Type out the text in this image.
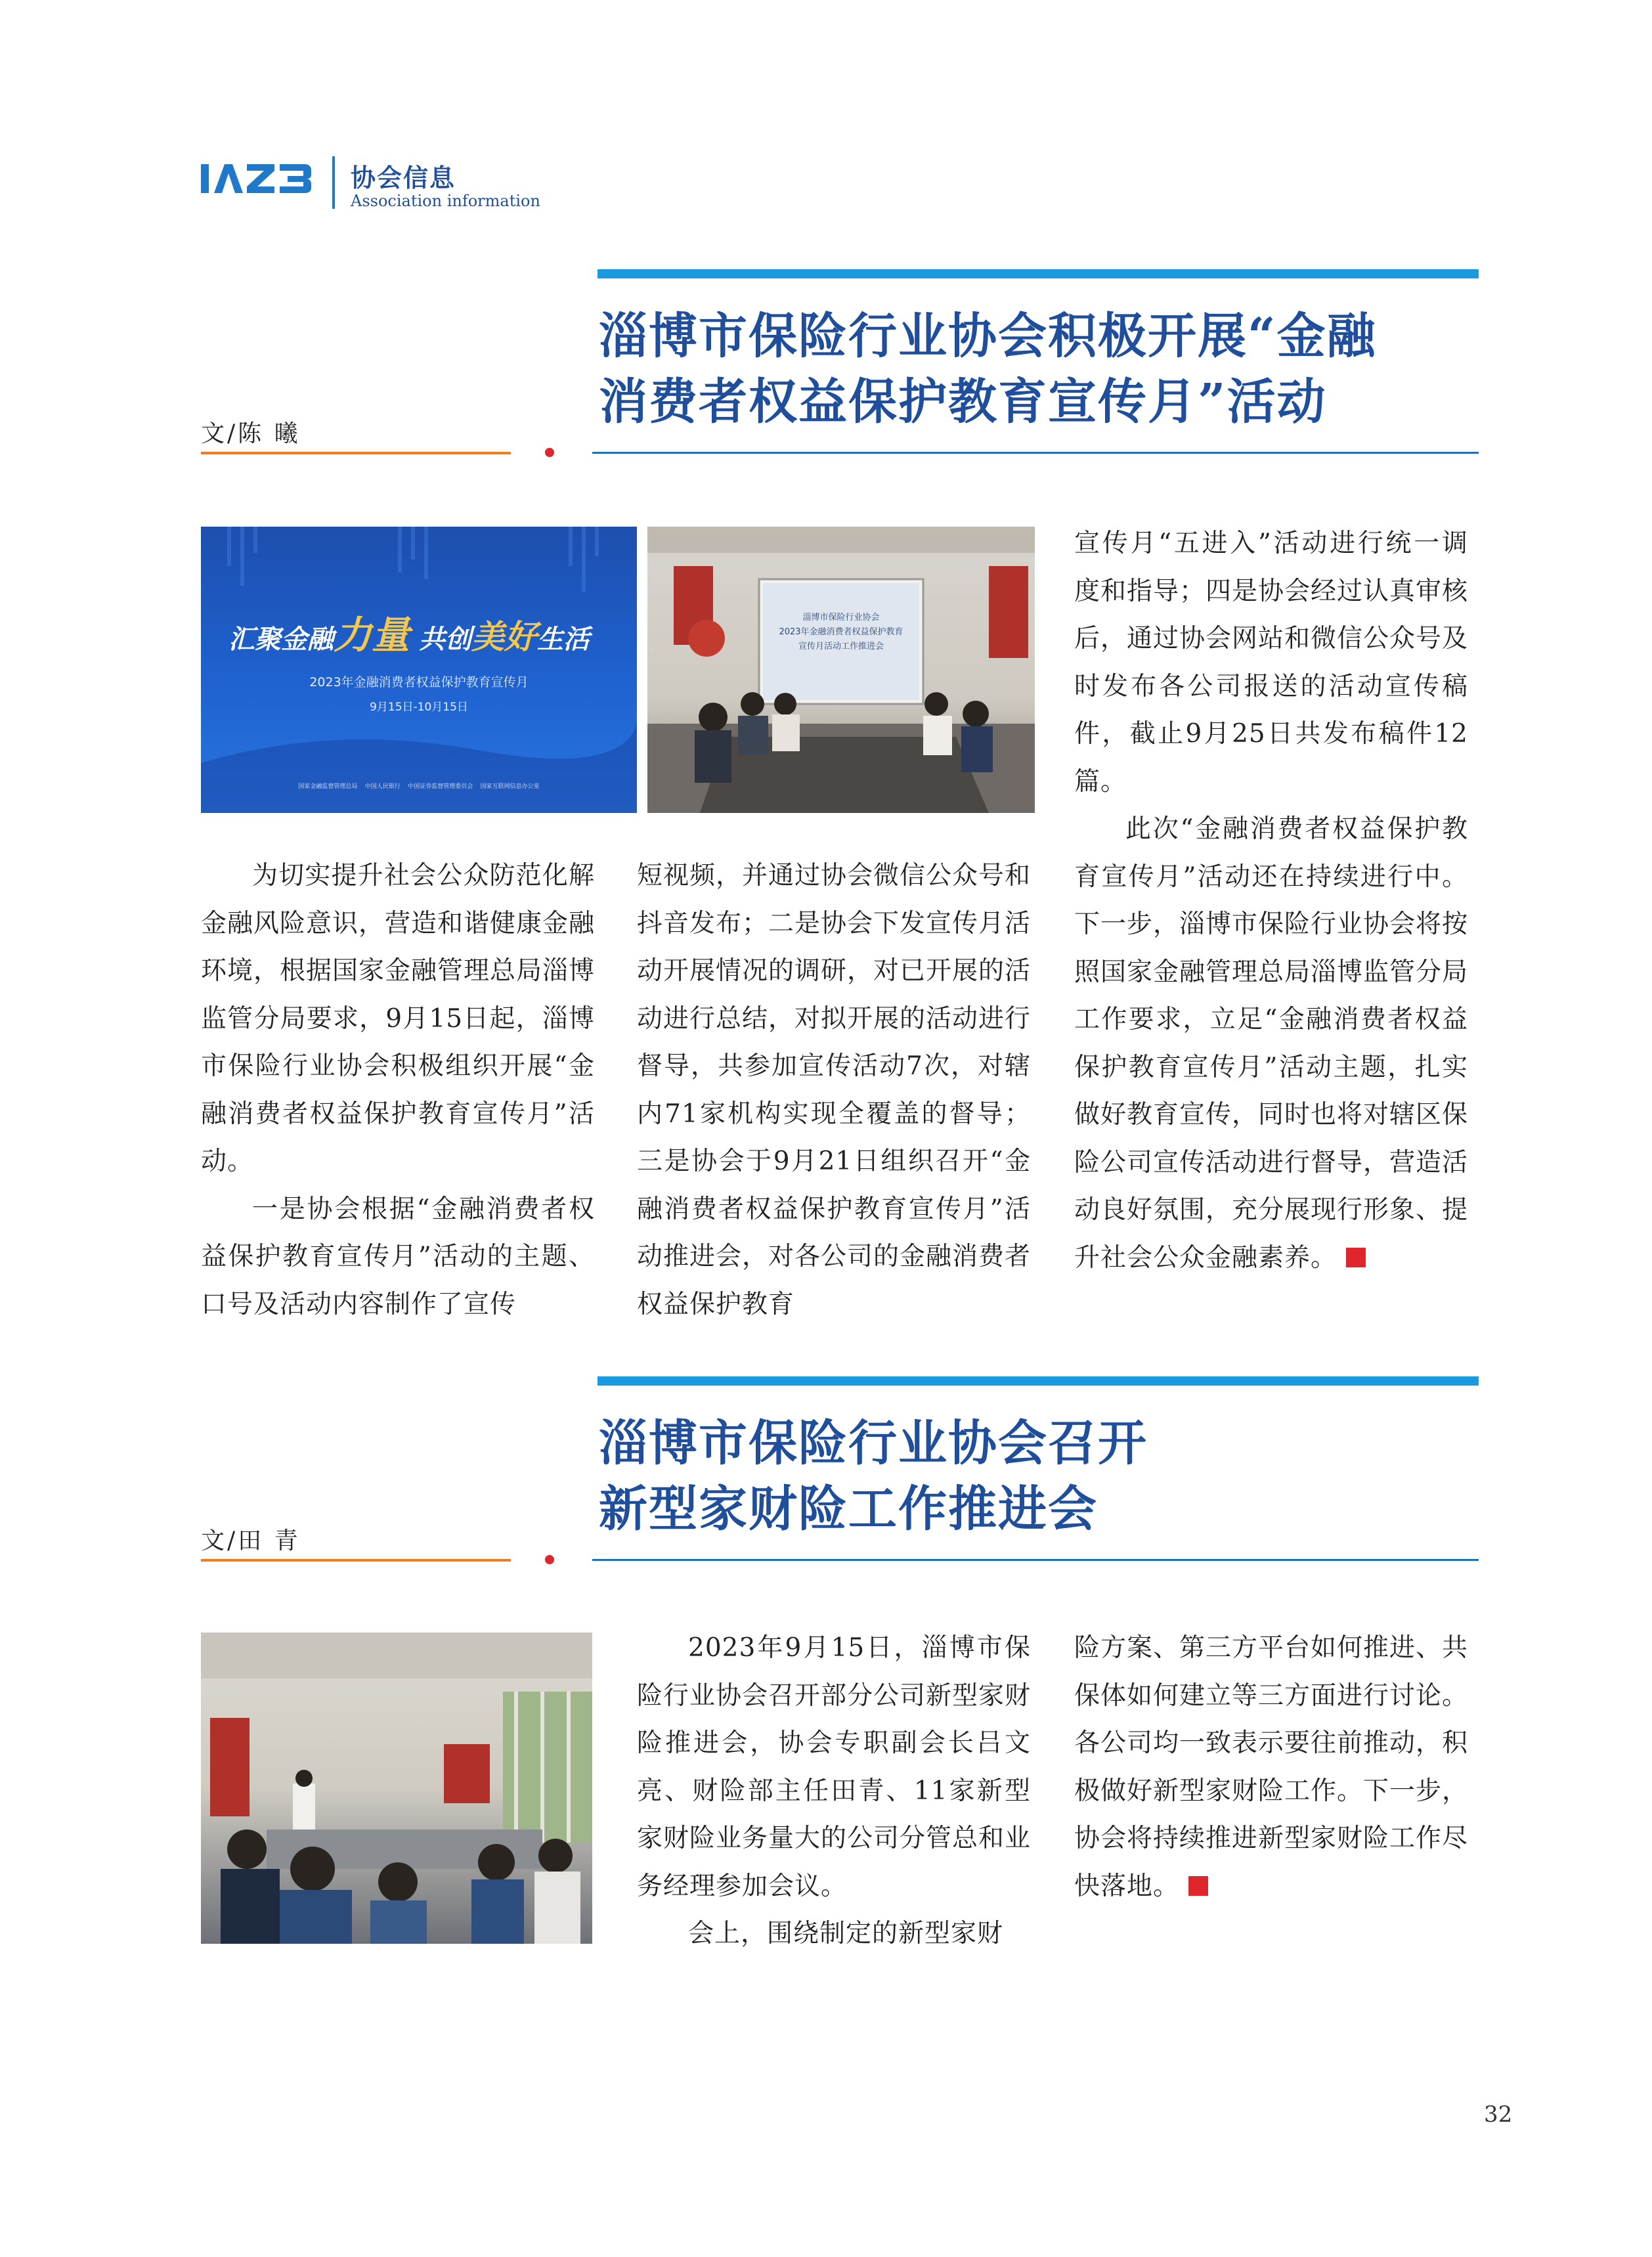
协会信息
Association information
淄博市保险行业协会积极开展“金融
消费者权益保护教育宣传月”活动
文/陈 曦
汇聚金融力量 共创美好生活
2023年金融消费者权益保护教育宣传月
9月15日-10月15日
国家金融监督管理总局    中国人民银行    中国证券监督管理委员会    国家互联网信息办公室
淄博市保险行业协会
2023年金融消费者权益保护教育
宣传月活动工作推进会

为切实提升社会公众防范化解金融风险意识，营造和谐健康金融环境，根据国家金融管理总局淄博监管分局要求，9月15日起，淄博市保险行业协会积极组织开展“金融消费者权益保护教育宣传月”活动。

一是协会根据“金融消费者权益保护教育宣传月”活动的主题、口号及活动内容制作了宣传

短视频，并通过协会微信公众号和抖音发布；二是协会下发宣传月活动开展情况的调研，对已开展的活动进行总结，对拟开展的活动进行督导，共参加宣传活动7次，对辖内71家机构实现全覆盖的督导；三是协会于9月21日组织召开“金融消费者权益保护教育宣传月”活动推进会，对各公司的金融消费者权益保护教育

宣传月“五进入”活动进行统一调度和指导；四是协会经过认真审核后，通过协会网站和微信公众号及时发布各公司报送的活动宣传稿件，截止9月25日共发布稿件12篇。

此次“金融消费者权益保护教育宣传月”活动还在持续进行中。下一步，淄博市保险行业协会将按照国家金融管理总局淄博监管分局工作要求，立足“金融消费者权益保护教育宣传月”活动主题，扎实做好教育宣传，同时也将对辖区保险公司宣传活动进行督导，营造活动良好氛围，充分展现行形象、提升社会公众金融素养。

淄博市保险行业协会召开
新型家财险工作推进会
文/田 青

2023年9月15日，淄博市保险行业协会召开部分公司新型家财险推进会，协会专职副会长吕文亮、财险部主任田青、11家新型家财险业务量大的公司分管总和业务经理参加会议。

会上，围绕制定的新型家财

险方案、第三方平台如何推进、共保体如何建立等三方面进行讨论。各公司均一致表示要往前推动，积极做好新型家财险工作。下一步，协会将持续推进新型家财险工作尽快落地。

32
